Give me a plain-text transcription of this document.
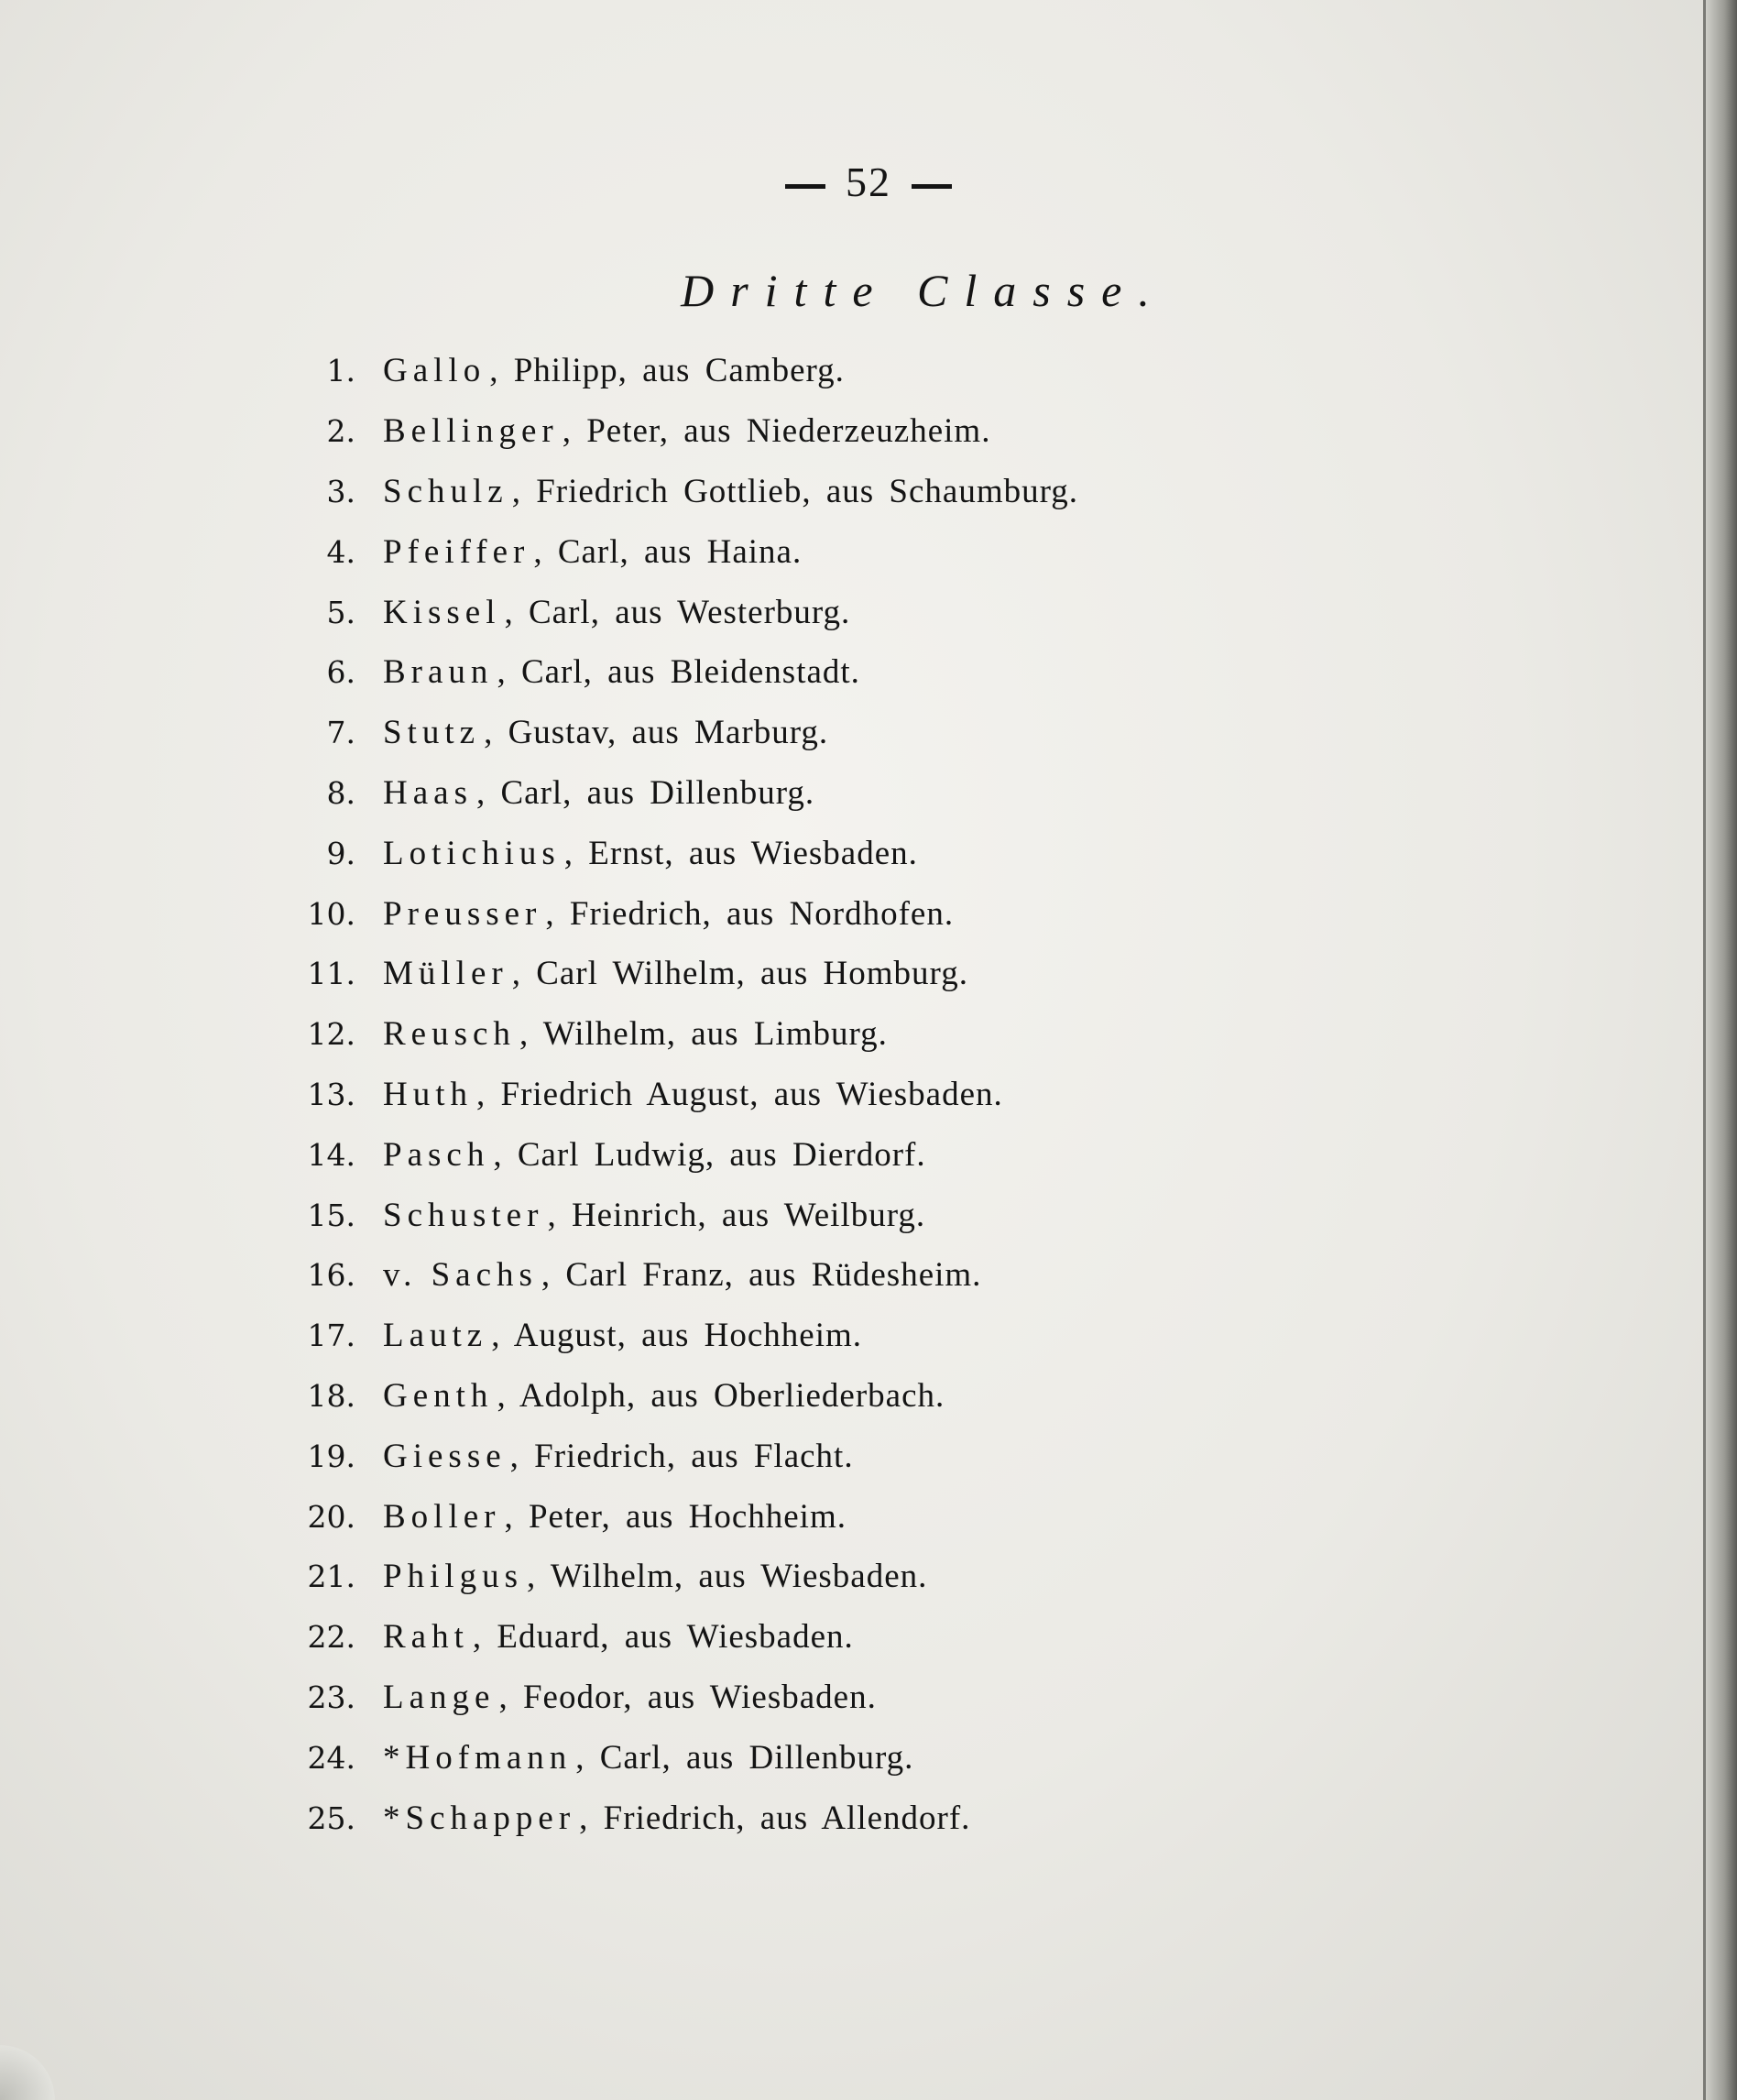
52
Dritte Classe.
1. Gallo , Philipp, aus Camberg.
2. Bellinger , Peter, aus Niederzeuzheim.
3. Schulz , Friedrich Gottlieb, aus Schaumburg.
4. Pfeiffer , Carl, aus Haina.
5. Kissel , Carl, aus Westerburg.
6. Braun , Carl, aus Bleidenstadt.
7. Stutz , Gustav, aus Marburg.
8. Haas , Carl, aus Dillenburg.
9. Lotichius , Ernst, aus Wiesbaden.
10. Preusser , Friedrich, aus Nordhofen.
11. Müller , Carl Wilhelm, aus Homburg.
12. Reusch , Wilhelm, aus Limburg.
13. Huth , Friedrich August, aus Wiesbaden.
14. Pasch , Carl Ludwig, aus Dierdorf.
15. Schuster , Heinrich, aus Weilburg.
16. v. Sachs , Carl Franz, aus Rüdesheim.
17. Lautz , August, aus Hochheim.
18. Genth , Adolph, aus Oberliederbach.
19. Giesse , Friedrich, aus Flacht.
20. Boller , Peter, aus Hochheim.
21. Philgus , Wilhelm, aus Wiesbaden.
22. Raht , Eduard, aus Wiesbaden.
23. Lange , Feodor, aus Wiesbaden.
24. *Hofmann , Carl, aus Dillenburg.
25. *Schapper , Friedrich, aus Allendorf.
